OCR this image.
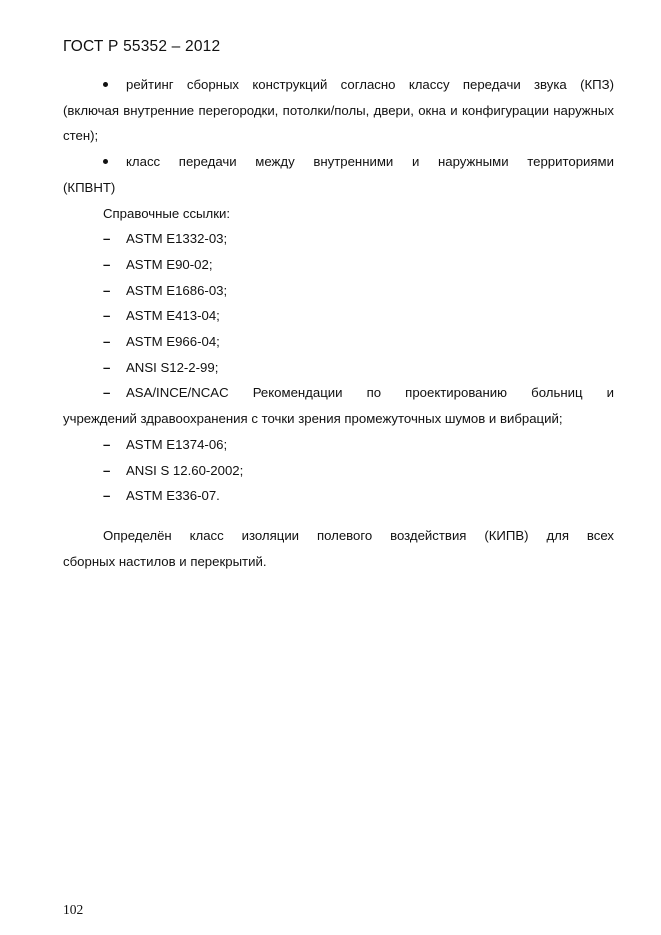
ГОСТ Р 55352 – 2012
рейтинг сборных конструкций согласно классу передачи звука (КПЗ)
(включая внутренние перегородки, потолки/полы, двери, окна и конфигурации наружных стен);
класс передачи между внутренними и наружными территориями
(КПВНТ)
Справочные ссылки:
–	ASTM E1332-03;
–	ASTM E90-02;
–	ASTM E1686-03;
–	ASTM E413-04;
–	ASTM E966-04;
–	ANSI S12-2-99;
– ASA/INCE/NCAC Рекомендации по проектированию больниц и
учреждений здравоохранения с точки зрения промежуточных шумов и вибраций;
–	ASTM E1374-06;
–	ANSI S 12.60-2002;
–	ASTM E336-07.
Определён класс изоляции полевого воздействия (КИПВ) для всех
сборных настилов и перекрытий.
102
